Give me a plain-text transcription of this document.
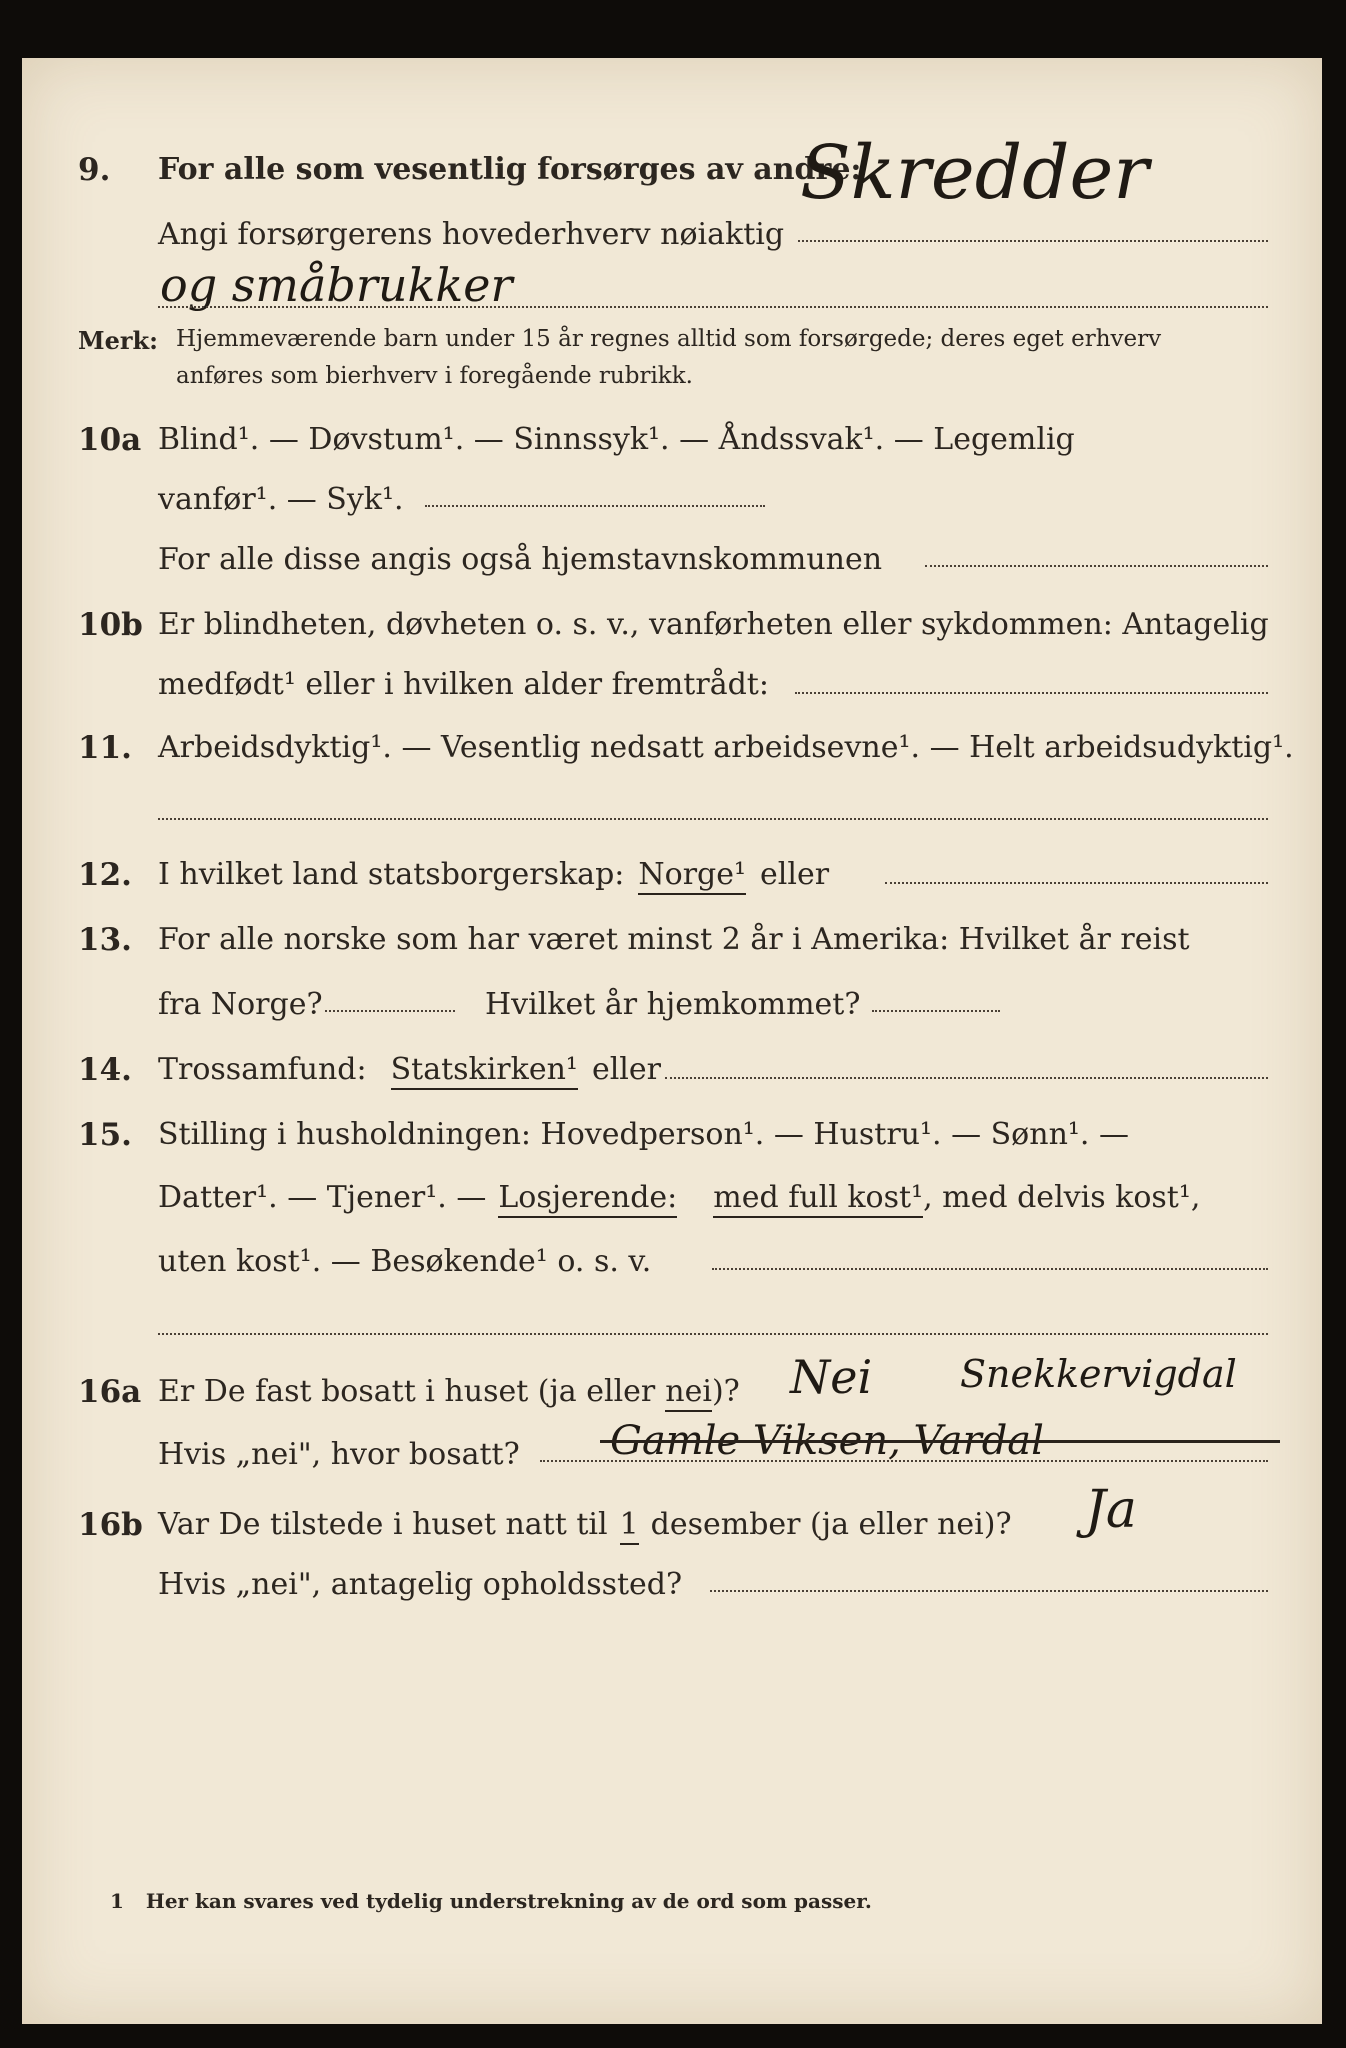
9. For alle som vesentlig forsørges av andre:
Skredder
Angi forsørgerens hovederhverv nøiaktig
og småbrukker
Merk: Hjemmeværende barn under 15 år regnes alltid som forsørgede; deres eget erhverv
anføres som bierhverv i foregående rubrikk.
10a Blind¹. — Døvstum¹. — Sinnssyk¹. — Åndssvak¹. — Legemlig
vanfør¹. — Syk¹.
For alle disse angis også hjemstavnskommunen
10b Er blindheten, døvheten o. s. v., vanførheten eller sykdommen: Antagelig
medfødt¹ eller i hvilken alder fremtrådt:
11. Arbeidsdyktig¹. — Vesentlig nedsatt arbeidsevne¹. — Helt arbeidsudyktig¹.
12. I hvilket land statsborgerskap: Norge¹ eller
13. For alle norske som har været minst 2 år i Amerika: Hvilket år reist
fra Norge?	Hvilket år hjemkommet?
14. Trossamfund: Statskirken¹ eller
15. Stilling i husholdningen: Hovedperson¹. — Hustru¹. — Sønn¹. —
Datter¹. — Tjener¹. — Losjerende: med full kost¹ , med delvis kost¹,
uten kost¹. — Besøkende¹ o. s. v.
16a Er De fast bosatt i huset (ja eller nei )? Nei Snekkervigdal
Hvis „nei", hvor bosatt? Gamle Viksen, Vardal
16b Var De tilstede i huset natt til 1 desember (ja eller nei)? Ja
Hvis „nei", antagelig opholdssted?
1 Her kan svares ved tydelig understrekning av de ord som passer.
